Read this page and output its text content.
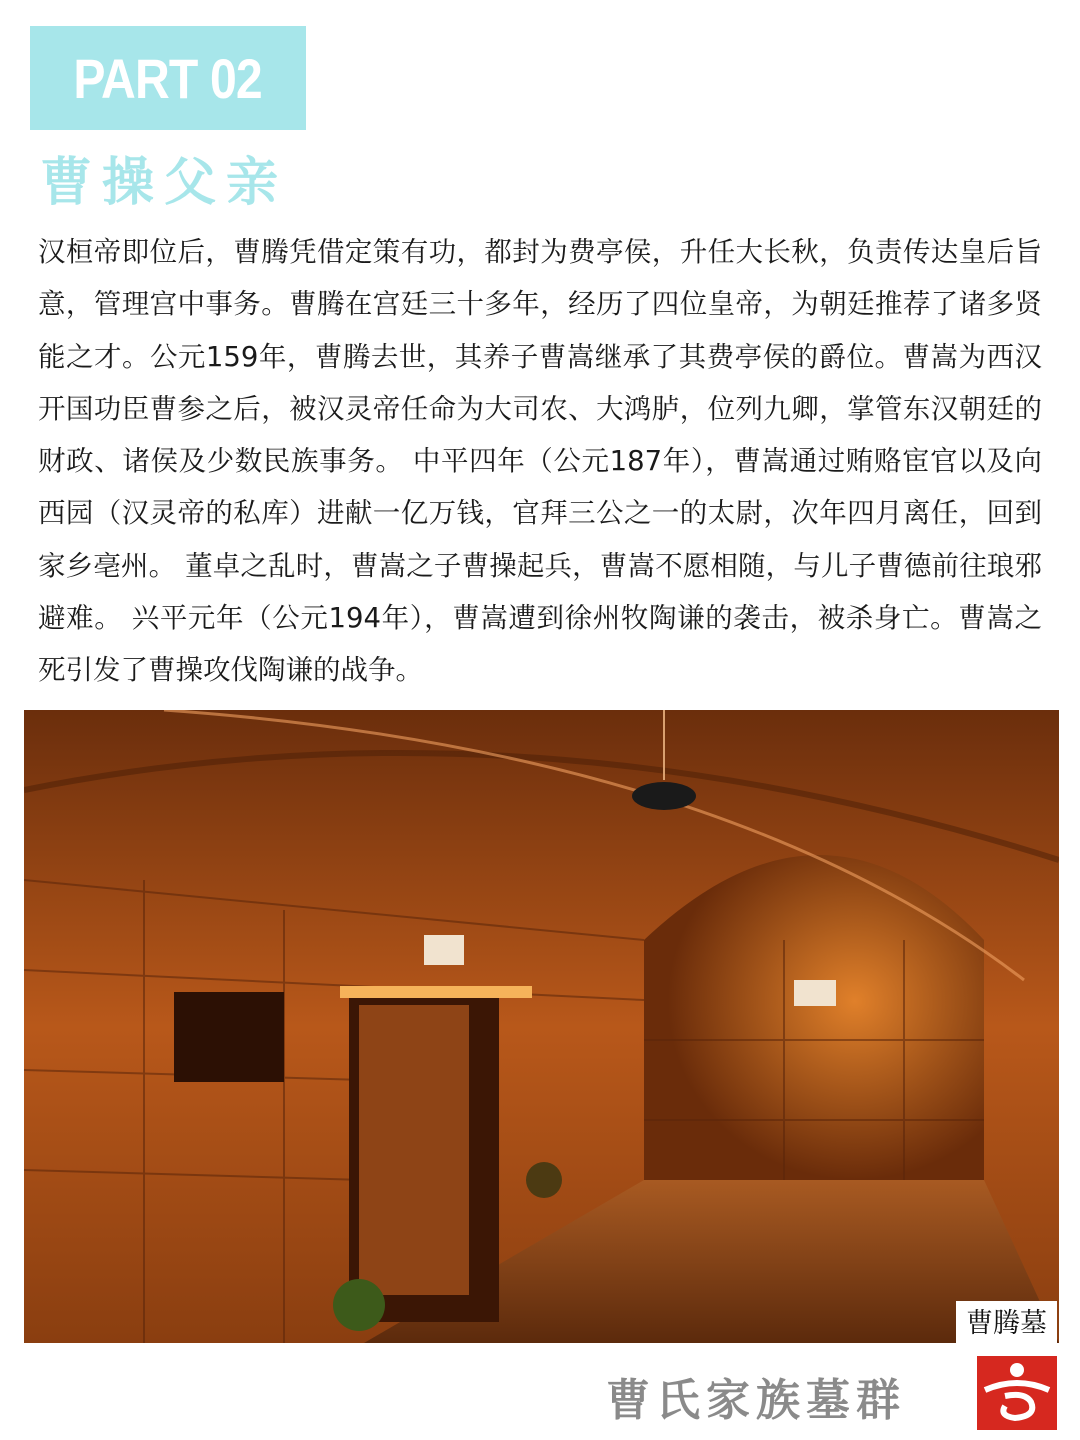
PART 02
曹操父亲

汉桓帝即位后，曹腾凭借定策有功，都封为费亭侯，升任大长秋，负责传达皇后旨意，管理宫中事务。曹腾在宫廷三十多年，经历了四位皇帝，为朝廷推荐了诸多贤能之才。公元159年，曹腾去世，其养子曹嵩继承了其费亭侯的爵位。曹嵩为西汉开国功臣曹参之后，被汉灵帝任命为大司农、大鸿胪，位列九卿，掌管东汉朝廷的财政、诸侯及少数民族事务。 中平四年（公元187年），曹嵩通过贿赂宦官以及向西园（汉灵帝的私库）进献一亿万钱，官拜三公之一的太尉，次年四月离任，回到家乡亳州。 董卓之乱时，曹嵩之子曹操起兵，曹嵩不愿相随，与儿子曹德前往琅邪避难。 兴平元年（公元194年），曹嵩遭到徐州牧陶谦的袭击，被杀身亡。曹嵩之死引发了曹操攻伐陶谦的战争。

曹腾墓
曹氏家族墓群
